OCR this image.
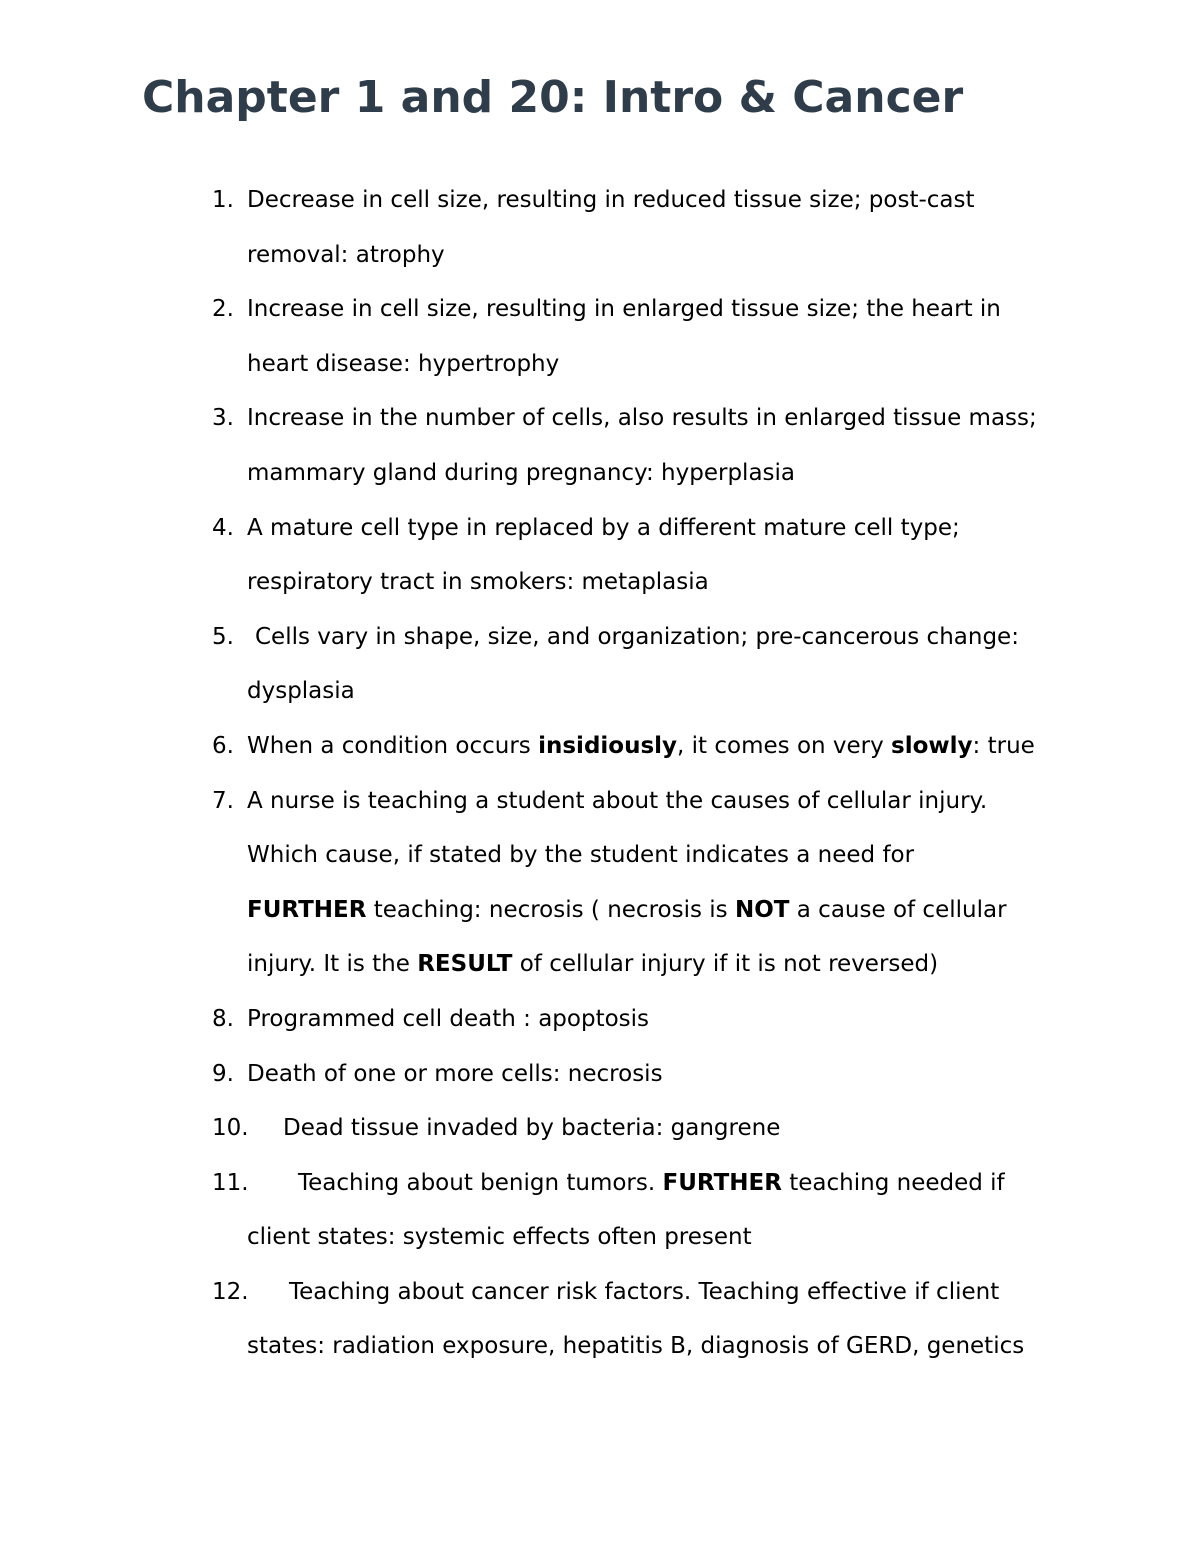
Chapter 1 and 20: Intro & Cancer
1. Decrease in cell size, resulting in reduced tissue size; post-cast
removal: atrophy
2. Increase in cell size, resulting in enlarged tissue size; the heart in
heart disease: hypertrophy
3. Increase in the number of cells, also results in enlarged tissue mass;
mammary gland during pregnancy: hyperplasia
4. A mature cell type in replaced by a different mature cell type;
respiratory tract in smokers: metaplasia
5. Cells vary in shape, size, and organization; pre-cancerous change:
dysplasia
6. When a condition occurs insidiously, it comes on very slowly: true
7. A nurse is teaching a student about the causes of cellular injury.
Which cause, if stated by the student indicates a need for
FURTHER teaching: necrosis ( necrosis is NOT a cause of cellular
injury. It is the RESULT of cellular injury if it is not reversed)
8. Programmed cell death : apoptosis
9. Death of one or more cells: necrosis
10.	Dead tissue invaded by bacteria: gangrene
11.	Teaching about benign tumors. FURTHER teaching needed if
client states: systemic effects often present
12.	Teaching about cancer risk factors. Teaching effective if client
states: radiation exposure, hepatitis B, diagnosis of GERD, genetics
